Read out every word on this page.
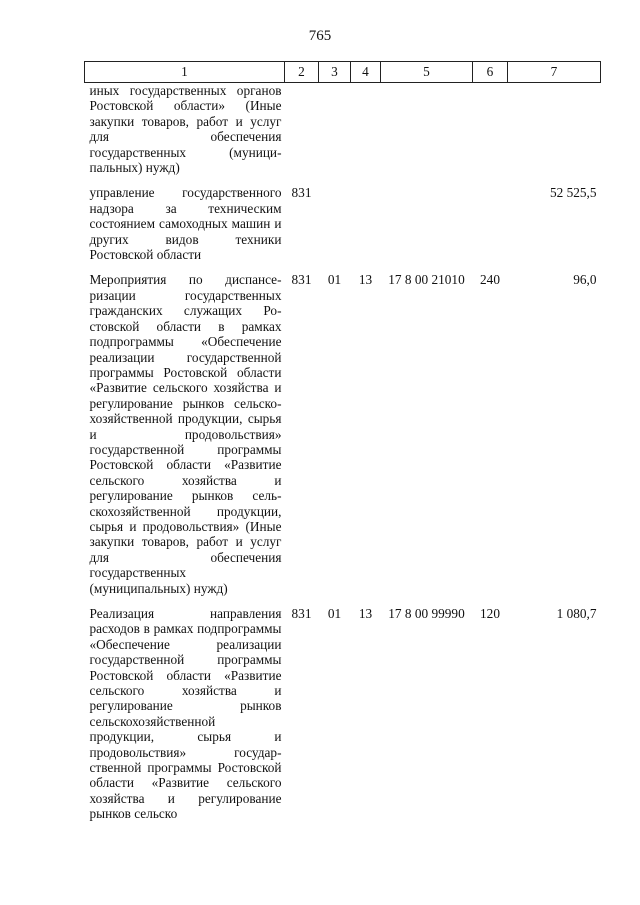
765
1	2	3	4	5	6	7
иных государственных органов Ростовской области» (Иные закупки товаров, работ и услуг для обеспечения государственных (муниципальных) нужд)						
управление государственного надзора за техническим состоянием самоходных машин и других видов техники Ростовской области	831					52 525,5
Мероприятия по диспансеризации государственных гражданских служащих Ростовской области в рамках подпрограммы «Обеспечение реализации государственной программы Ростовской области «Развитие сельского хозяйства и регулирование рынков сельскохозяйственной продукции, сырья и продовольствия» государственной программы Ростовской области «Развитие сельского хозяйства и регулирование рынков сельскохозяйственной продукции, сырья и продовольствия» (Иные закупки товаров, работ и услуг для обеспечения государственных (муниципальных) нужд)	831	01	13	17 8 00 21010	240	96,0
Реализация направления расходов в рамках подпрограммы «Обеспечение реализации государственной программы Ростовской области «Развитие сельского хозяйства и регулирование рынков сельскохозяйственной продукции, сырья и продовольствия» государственной программы Ростовской области «Развитие сельского хозяйства и регулирование рынков сельско	831	01	13	17 8 00 99990	120	1 080,7
